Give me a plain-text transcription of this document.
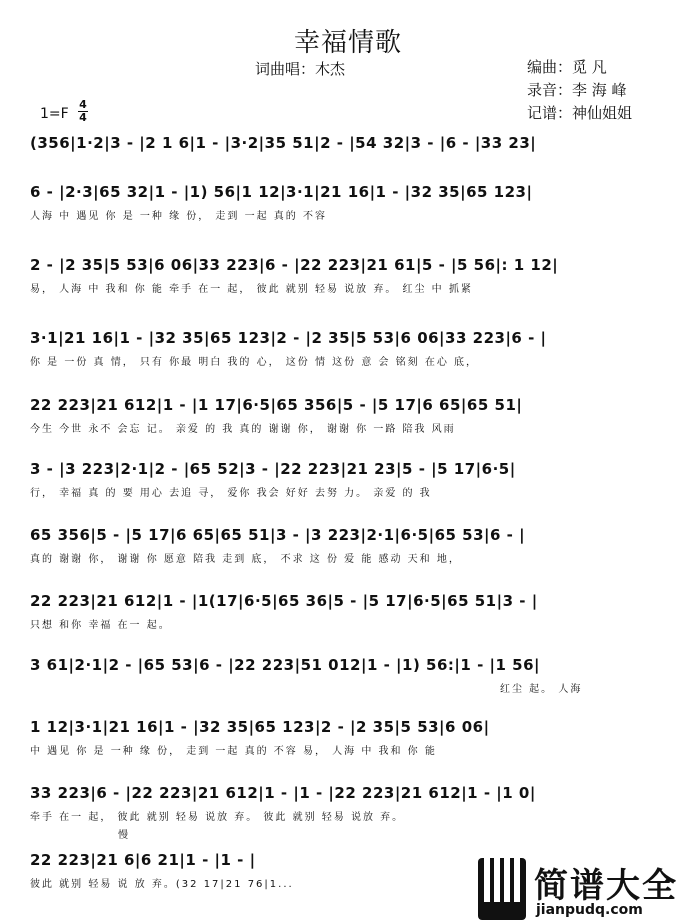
幸福情歌
词曲唱：木杰	编曲：觅 凡
录音：李 海 峰
记谱：神仙姐姐
1=F
4
4
(356|1·2|3 - |2 1 6|1 - |3·2|35 51|2 - |54 32|3 - |6 - |33 23|
6 - |2·3|65 32|1 - |1) 56|1 12|3·1|21 16|1 - |32 35|65 123|
人海 中 遇见 你 是 一种 缘 份， 走到 一起 真的 不容
2 - |2 35|5 53|6 06|33 223|6 - |22 223|21 61|5 - |5 56|: 1 12|
易， 人海 中 我和 你 能 牵手 在一 起， 彼此 就别 轻易 说放 弃。 红尘 中 抓紧
3·1|21 16|1 - |32 35|65 123|2 - |2 35|5 53|6 06|33 223|6 - |
你 是 一份 真 情， 只有 你最 明白 我的 心， 这份 情 这份 意 会 铭刻 在心 底，
22 223|21 612|1 - |1 17|6·5|65 356|5 - |5 17|6 65|65 51|
今生 今世 永不 会忘 记。 亲爱 的 我 真的 谢谢 你， 谢谢 你 一路 陪我 风雨
3 - |3 223|2·1|2 - |65 52|3 - |22 223|21 23|5 - |5 17|6·5|
行， 幸福 真 的 要 用心 去追 寻， 爱你 我会 好好 去努 力。 亲爱 的 我
65 356|5 - |5 17|6 65|65 51|3 - |3 223|2·1|6·5|65 53|6 - |
真的 谢谢 你， 谢谢 你 愿意 陪我 走到 底， 不求 这 份 爱 能 感动 天和 地，
22 223|21 612|1 - |1(17|6·5|65 36|5 - |5 17|6·5|65 51|3 - |
只想 和你 幸福 在一 起。
3 61|2·1|2 - |65 53|6 - |22 223|51 012|1 - |1) 56:|1 - |1 56|
红尘 起。 人海
1 12|3·1|21 16|1 - |32 35|65 123|2 - |2 35|5 53|6 06|
中 遇见 你 是 一种 缘 份， 走到 一起 真的 不容 易， 人海 中 我和 你 能
33 223|6 - |22 223|21 612|1 - |1 - |22 223|21 612|1 - |1 0|
牵手 在一 起， 彼此 就别 轻易 说放 弃。 彼此 就别 轻易 说放 弃。
慢
22 223|21 6|6 21|1 - |1 - |
彼此 就别 轻易 说 放 弃。(32 17|21 76|1...	简谱大全
jianpudq.com
